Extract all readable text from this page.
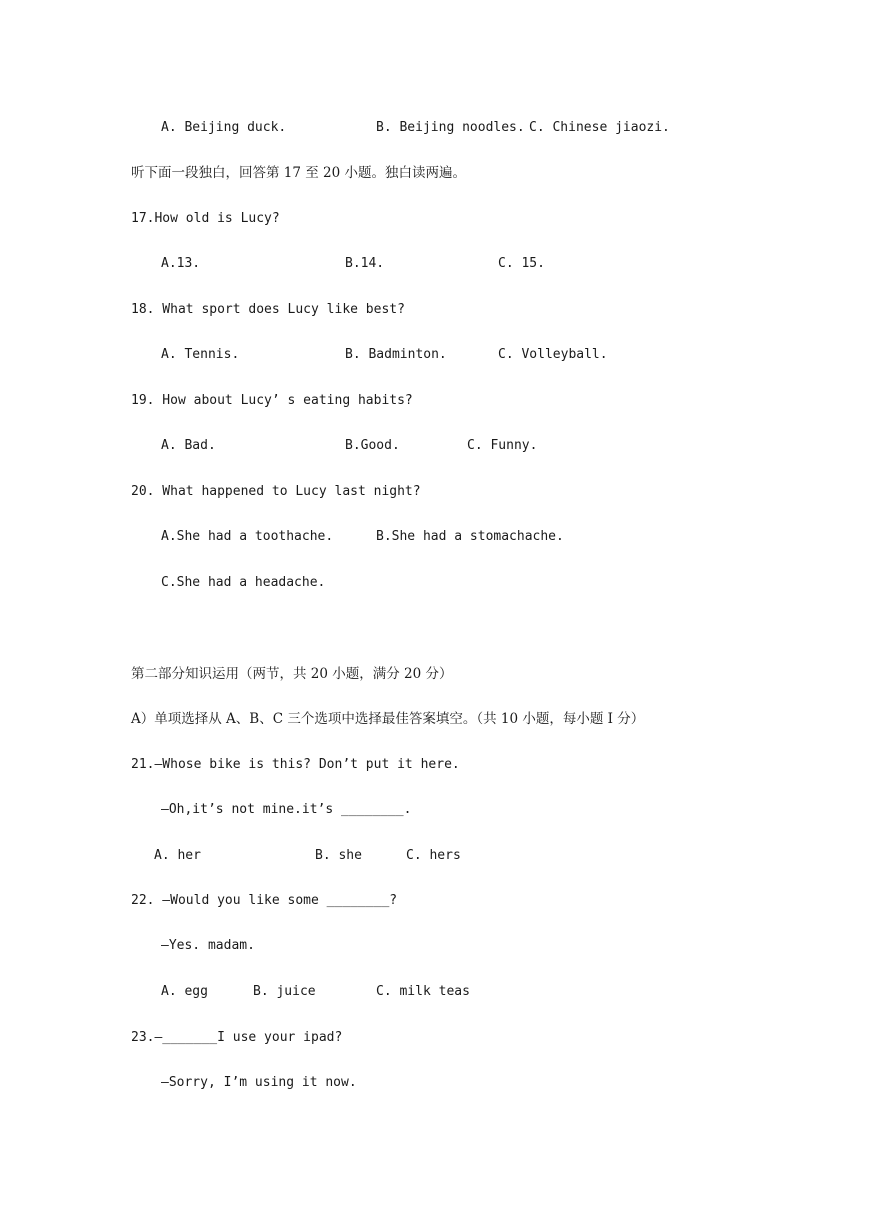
A. Beijing duck.	B. Beijing noodles. C. Chinese jiaozi.
听下面一段独白，回答第 17 至 20 小题。独白读两遍。
17.How old is Lucy?
A.13.	B.14.	C. 15.
18. What sport does Lucy like best?
A. Tennis.	B. Badminton.	C. Volleyball.
19. How about Lucy’ s eating habits?
A. Bad.	B.Good.	C. Funny.
20. What happened to Lucy last night?
A.She had a toothache.	B.She had a stomachache.
C.She had a headache.
第二部分知识运用（两节，共 20 小题，满分 20 分）
A）单项选择从 A、B、C 三个选项中选择最佳答案填空。（共 10 小题，每小题 I 分）
21.—Whose bike is this? Don’t put it here.
—Oh,it’s not mine.it’s ________.
A. her	B. she	C. hers
22. —Would you like some ________?
—Yes. madam.
A. egg	B. juice	C. milk teas
23.—_______I use your ipad?
—Sorry, I’m using it now.
